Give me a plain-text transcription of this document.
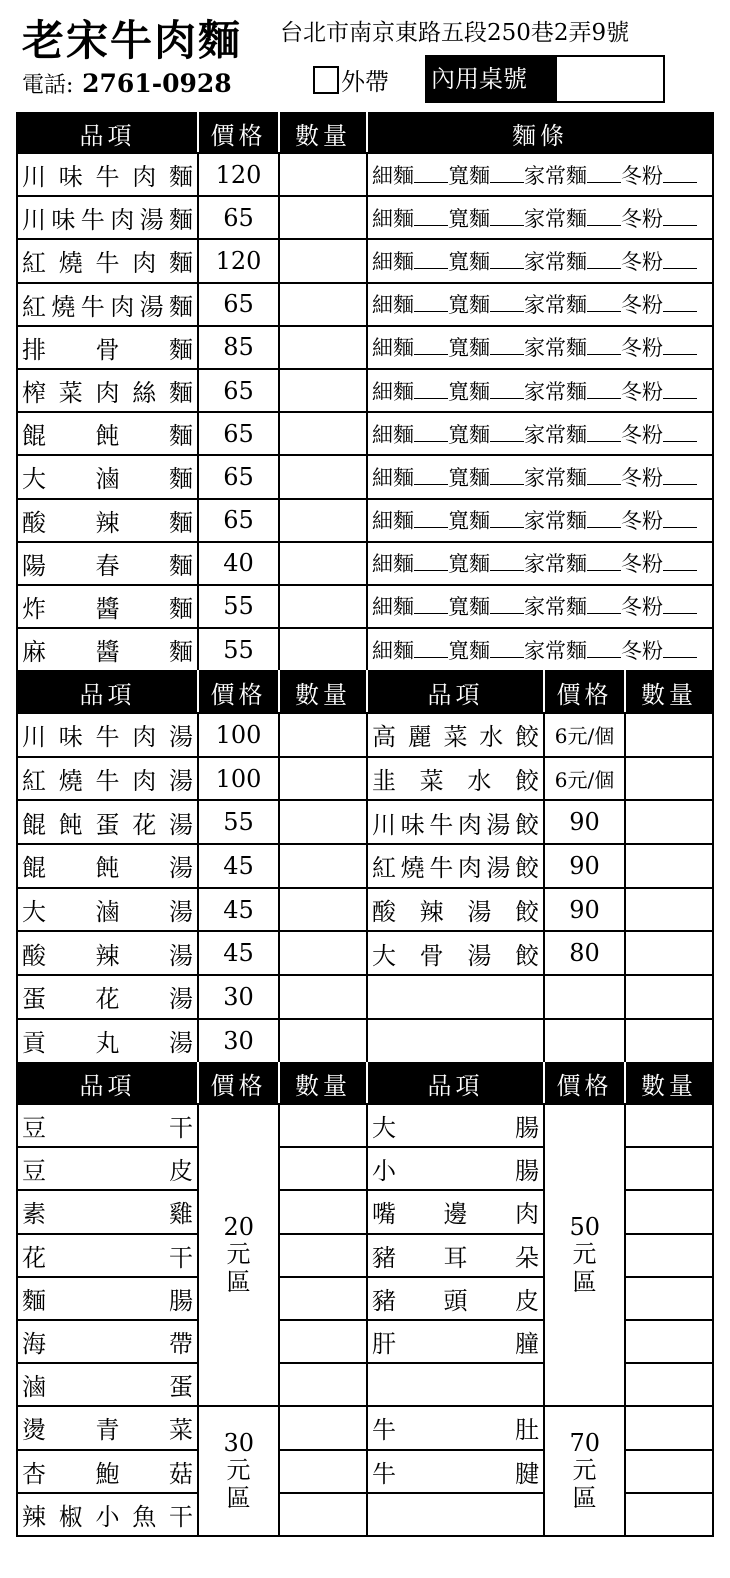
老宋牛肉麵 台北市南京東路五段250巷2弄9號
電話: 2761-0928	外帶 內用桌號
品項	價格	數量	麵條
川味牛肉麵	120		細麵 寬麵 家常麵 冬粉
川味牛肉湯麵	65		細麵 寬麵 家常麵 冬粉
紅燒牛肉麵	120		細麵 寬麵 家常麵 冬粉
紅燒牛肉湯麵	65		細麵 寬麵 家常麵 冬粉
排骨麵	85		細麵 寬麵 家常麵 冬粉
榨菜肉絲麵	65		細麵 寬麵 家常麵 冬粉
餛飩麵	65		細麵 寬麵 家常麵 冬粉
大滷麵	65		細麵 寬麵 家常麵 冬粉
酸辣麵	65		細麵 寬麵 家常麵 冬粉
陽春麵	40		細麵 寬麵 家常麵 冬粉
炸醬麵	55		細麵 寬麵 家常麵 冬粉
麻醬麵	55		細麵 寬麵 家常麵 冬粉
品項	價格	數量	品項	價格	數量
川味牛肉湯	100		高麗菜水餃	6元/個	
紅燒牛肉湯	100		韭菜水餃	6元/個	
餛飩蛋花湯	55		川味牛肉湯餃	90	
餛飩湯	45		紅燒牛肉湯餃	90	
大滷湯	45		酸辣湯餃	90	
酸辣湯	45		大骨湯餃	80	
蛋花湯	30				
貢丸湯	30				
品項	價格	數量	品項	價格	數量
豆干	20元區		大腸	50元區	
豆皮			小腸		
素雞			嘴邊肉		
花干			豬耳朵		
麵腸			豬頭皮		
海帶			肝膧		
滷蛋					
燙青菜	30元區		牛肚	70元區	
杏鮑菇			牛腱		
辣椒小魚干					
